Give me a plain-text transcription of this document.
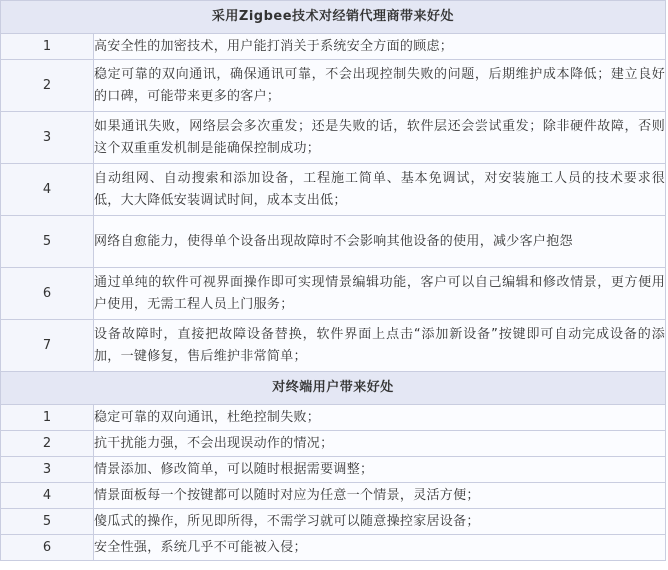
采用Zigbee技术对经销代理商带来好处	
1	高安全性的加密技术，用户能打消关于系统安全方面的顾虑；
2	稳定可靠的双向通讯，确保通讯可靠，不会出现控制失败的问题，后期维护成本降低；建立良好的口碑，可能带来更多的客户；
3	如果通讯失败，网络层会多次重发；还是失败的话，软件层还会尝试重发；除非硬件故障，否则这个双重重发机制是能确保控制成功；
4	自动组网、自动搜索和添加设备，工程施工简单、基本免调试，对安装施工人员的技术要求很低，大大降低安装调试时间，成本支出低；
5	网络自愈能力，使得单个设备出现故障时不会影响其他设备的使用，减少客户抱怨
6	通过单纯的软件可视界面操作即可实现情景编辑功能，客户可以自己编辑和修改情景，更方便用户使用，无需工程人员上门服务；
7	设备故障时，直接把故障设备替换，软件界面上点击“添加新设备”按键即可自动完成设备的添加，一键修复，售后维护非常简单；
对终端用户带来好处	
1	稳定可靠的双向通讯，杜绝控制失败；
2	抗干扰能力强，不会出现误动作的情况；
3	情景添加、修改简单，可以随时根据需要调整；
4	情景面板每一个按键都可以随时对应为任意一个情景，灵活方便；
5	傻瓜式的操作，所见即所得，不需学习就可以随意操控家居设备；
6	安全性强，系统几乎不可能被入侵；
